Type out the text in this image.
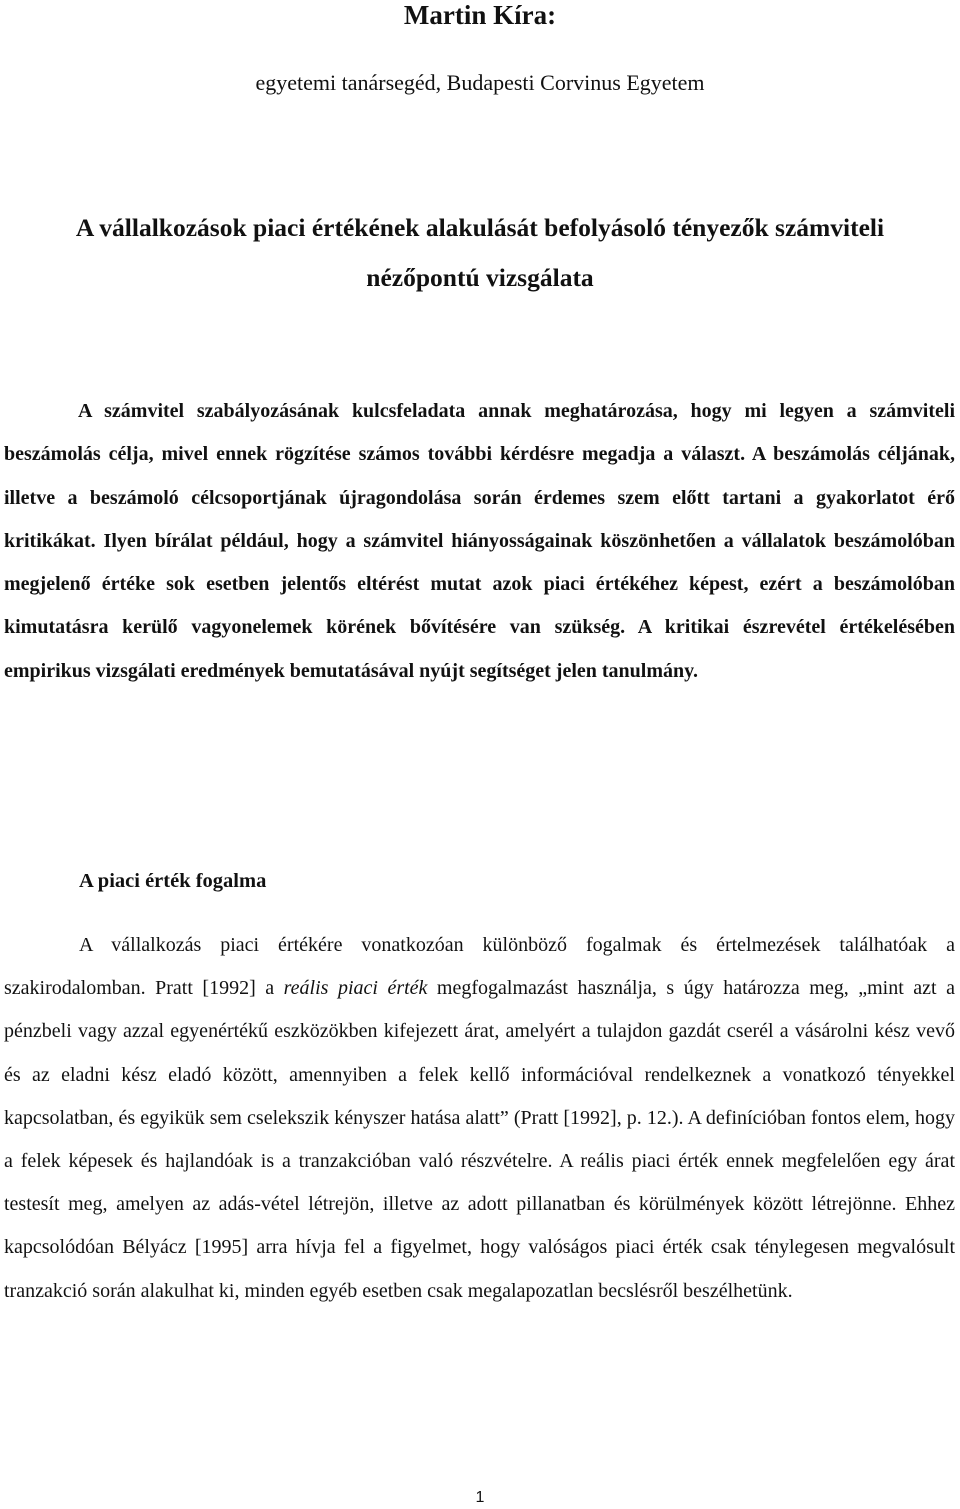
Martin Kíra:
egyetemi tanársegéd, Budapesti Corvinus Egyetem
A vállalkozások piaci értékének alakulását befolyásoló tényezők számviteli
nézőpontú vizsgálata
A számvitel szabályozásának kulcsfeladata annak meghatározása, hogy mi legyen a számviteli beszámolás célja, mivel ennek rögzítése számos további kérdésre megadja a választ. A beszámolás céljának, illetve a beszámoló célcsoportjának újragondolása során érdemes szem előtt tartani a gyakorlatot érő kritikákat. Ilyen bírálat például, hogy a számvitel hiányosságainak köszönhetően a vállalatok beszámolóban megjelenő értéke sok esetben jelentős eltérést mutat azok piaci értékéhez képest, ezért a beszámolóban kimutatásra kerülő vagyonelemek körének bővítésére van szükség. A kritikai észrevétel értékelésében empirikus vizsgálati eredmények bemutatásával nyújt segítséget jelen tanulmány.
A piaci érték fogalma
A vállalkozás piaci értékére vonatkozóan különböző fogalmak és értelmezések találhatóak a szakirodalomban. Pratt [1992] a reális piaci érték megfogalmazást használja, s úgy határozza meg, „mint azt a pénzbeli vagy azzal egyenértékű eszközökben kifejezett árat, amelyért a tulajdon gazdát cserél a vásárolni kész vevő és az eladni kész eladó között, amennyiben a felek kellő információval rendelkeznek a vonatkozó tényekkel kapcsolatban, és egyikük sem cselekszik kényszer hatása alatt” (Pratt [1992], p. 12.). A definícióban fontos elem, hogy a felek képesek és hajlandóak is a tranzakcióban való részvételre. A reális piaci érték ennek megfelelően egy árat testesít meg, amelyen az adás-vétel létrejön, illetve az adott pillanatban és körülmények között létrejönne. Ehhez kapcsolódóan Bélyácz [1995] arra hívja fel a figyelmet, hogy valóságos piaci érték csak ténylegesen megvalósult tranzakció során alakulhat ki, minden egyéb esetben csak megalapozatlan becslésről beszélhetünk.
1
